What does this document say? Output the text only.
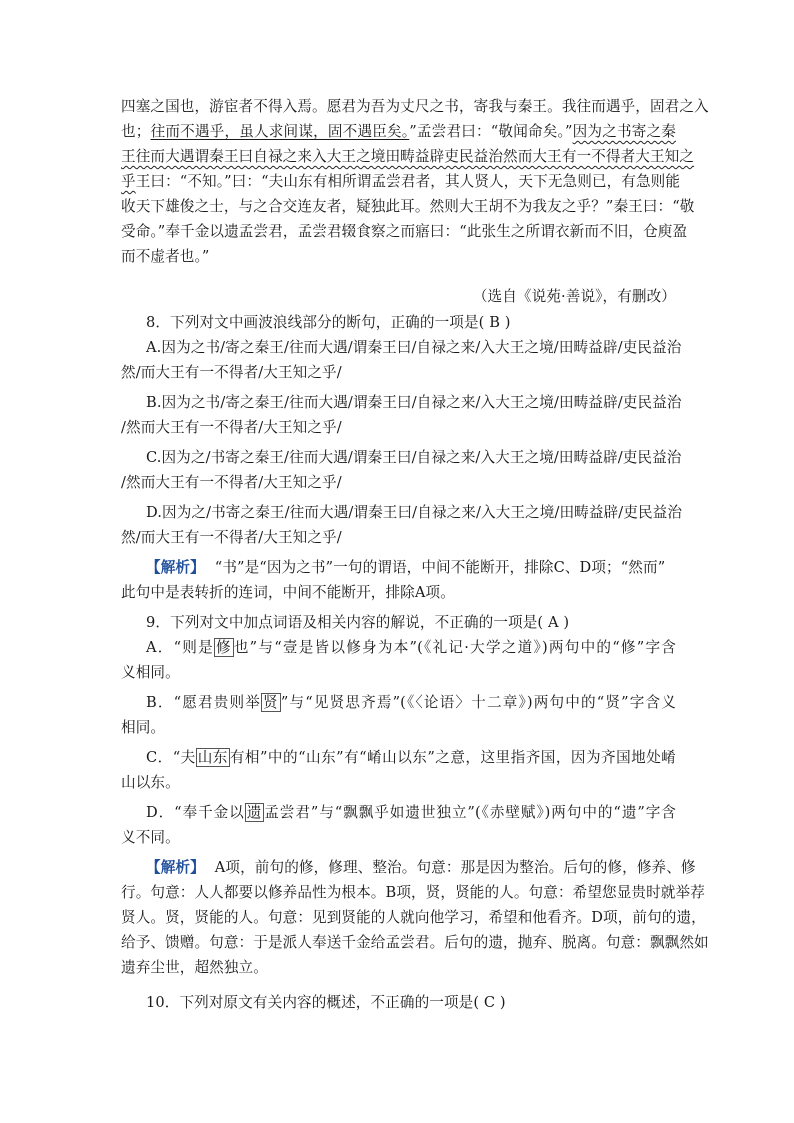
四塞之国也，游宦者不得入焉。愿君为吾为丈尺之书，寄我与秦王。我往而遇乎，固君之入
也；往而不遇乎，虽人求间谋，固不遇臣矣。”孟尝君曰：“敬闻命矣。”因为之书寄之秦
王往而大遇谓秦王曰自禄之来入大王之境田畴益辟吏民益治然而大王有一不得者大王知之
乎王曰：“不知。”曰：“夫山东有相所谓孟尝君者，其人贤人，天下无急则已，有急则能
收天下雄俊之士，与之合交连友者，疑独此耳。然则大王胡不为我友之乎？”秦王曰：“敬
受命。”奉千金以遗孟尝君，孟尝君辍食察之而寤曰：“此张生之所谓衣新而不旧，仓庾盈
而不虚者也。”
（选自《说苑·善说》，有删改）
8．下列对文中画波浪线部分的断句，正确的一项是( B )
A.因为之书/寄之秦王/往而大遇/谓秦王曰/自禄之来/入大王之境/田畴益辟/吏民益治
然/而大王有一不得者/大王知之乎/
B.因为之书/寄之秦王/往而大遇/谓秦王曰/自禄之来/入大王之境/田畴益辟/吏民益治
/然而大王有一不得者/大王知之乎/
C.因为之/书寄之秦王/往而大遇/谓秦王曰/自禄之来/入大王之境/田畴益辟/吏民益治
/然而大王有一不得者/大王知之乎/
D.因为之/书寄之秦王/往而大遇/谓秦王曰/自禄之来/入大王之境/田畴益辟/吏民益治
然/而大王有一不得者/大王知之乎/
【解析】 “书”是“因为之书”一句的谓语，中间不能断开，排除C、D项；“然而”
此句中是表转折的连词，中间不能断开，排除A项。
9．下列对文中加点词语及相关内容的解说，不正确的一项是( A )
A．“则是 修 也”与“壹是皆以修身为本”(《礼记·大学之道》)两句中的“修”字含
义相同。
B．“愿君贵则举 贤 ”与“见贤思齐焉”(《〈论语〉十二章》)两句中的“贤”字含义
相同。
C．“夫 山东 有相”中的“山东”有“崤山以东”之意，这里指齐国，因为齐国地处崤
山以东。
D．“奉千金以 遗 孟尝君”与“飘飘乎如遗世独立”(《赤壁赋》)两句中的“遗”字含
义不同。
【解析】 A项，前句的修，修理、整治。句意：那是因为整治。后句的修，修养、修
行。句意：人人都要以修养品性为根本。B项，贤，贤能的人。句意：希望您显贵时就举荐
贤人。贤，贤能的人。句意：见到贤能的人就向他学习，希望和他看齐。D项，前句的遗，
给予、馈赠。句意：于是派人奉送千金给孟尝君。后句的遗，抛弃、脱离。句意：飘飘然如
遗弃尘世，超然独立。
10．下列对原文有关内容的概述，不正确的一项是( C )
